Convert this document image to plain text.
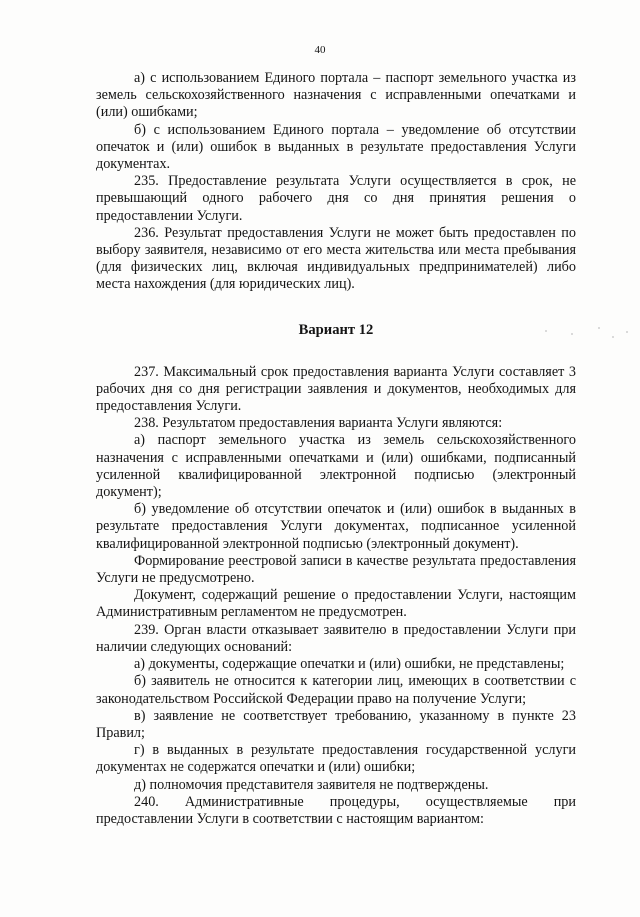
40

а) с использованием Единого портала – паспорт земельного участка из земель сельскохозяйственного назначения с исправленными опечатками и (или) ошибками;

б) с использованием Единого портала – уведомление об отсутствии опечаток и (или) ошибок в выданных в результате предоставления Услуги документах.

235. Предоставление результата Услуги осуществляется в срок, не превышающий одного рабочего дня со дня принятия решения о предоставлении Услуги.

236. Результат предоставления Услуги не может быть предоставлен по выбору заявителя, независимо от его места жительства или места пребывания (для физических лиц, включая индивидуальных предпринимателей) либо места нахождения (для юридических лиц).

Вариант 12

237. Максимальный срок предоставления варианта Услуги составляет 3 рабочих дня со дня регистрации заявления и документов, необходимых для предоставления Услуги.

238. Результатом предоставления варианта Услуги являются:

а) паспорт земельного участка из земель сельскохозяйственного назначения с исправленными опечатками и (или) ошибками, подписанный усиленной квалифицированной электронной подписью (электронный документ);

б) уведомление об отсутствии опечаток и (или) ошибок в выданных в результате предоставления Услуги документах, подписанное усиленной квалифицированной электронной подписью (электронный документ).

Формирование реестровой записи в качестве результата предоставления Услуги не предусмотрено.

Документ, содержащий решение о предоставлении Услуги, настоящим Административным регламентом не предусмотрен.

239. Орган власти отказывает заявителю в предоставлении Услуги при наличии следующих оснований:

а) документы, содержащие опечатки и (или) ошибки, не представлены;

б) заявитель не относится к категории лиц, имеющих в соответствии с законодательством Российской Федерации право на получение Услуги;

в) заявление не соответствует требованию, указанному в пункте 23 Правил;

г) в выданных в результате предоставления государственной услуги документах не содержатся опечатки и (или) ошибки;

д) полномочия представителя заявителя не подтверждены.

240. Административные процедуры, осуществляемые при предоставлении Услуги в соответствии с настоящим вариантом:
